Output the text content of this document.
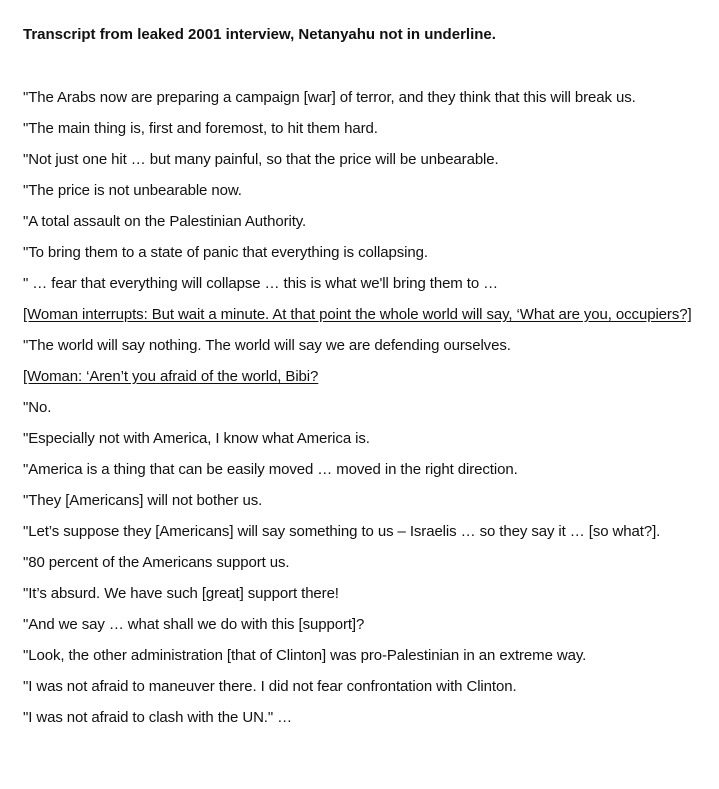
Transcript from leaked 2001 interview, Netanyahu not in underline.

"The Arabs now are preparing a campaign [war] of terror, and they think that this will break us.

"The main thing is, first and foremost, to hit them hard.

"Not just one hit … but many painful, so that the price will be unbearable.

"The price is not unbearable now.

"A total assault on the Palestinian Authority.

"To bring them to a state of panic that everything is collapsing.

" … fear that everything will collapse … this is what we'll bring them to …

[Woman interrupts: But wait a minute. At that point the whole world will say, ‘What are you, occupiers?]

"The world will say nothing. The world will say we are defending ourselves.

[Woman: ‘Aren’t you afraid of the world, Bibi?

"No.

"Especially not with America, I know what America is.

"America is a thing that can be easily moved … moved in the right direction.

"They [Americans] will not bother us.

"Let’s suppose they [Americans] will say something to us – Israelis … so they say it … [so what?].

"80 percent of the Americans support us.

"It’s absurd. We have such [great] support there!

"And we say … what shall we do with this [support]?

"Look, the other administration [that of Clinton] was pro-Palestinian in an extreme way.

"I was not afraid to maneuver there. I did not fear confrontation with Clinton.

"I was not afraid to clash with the UN." …
